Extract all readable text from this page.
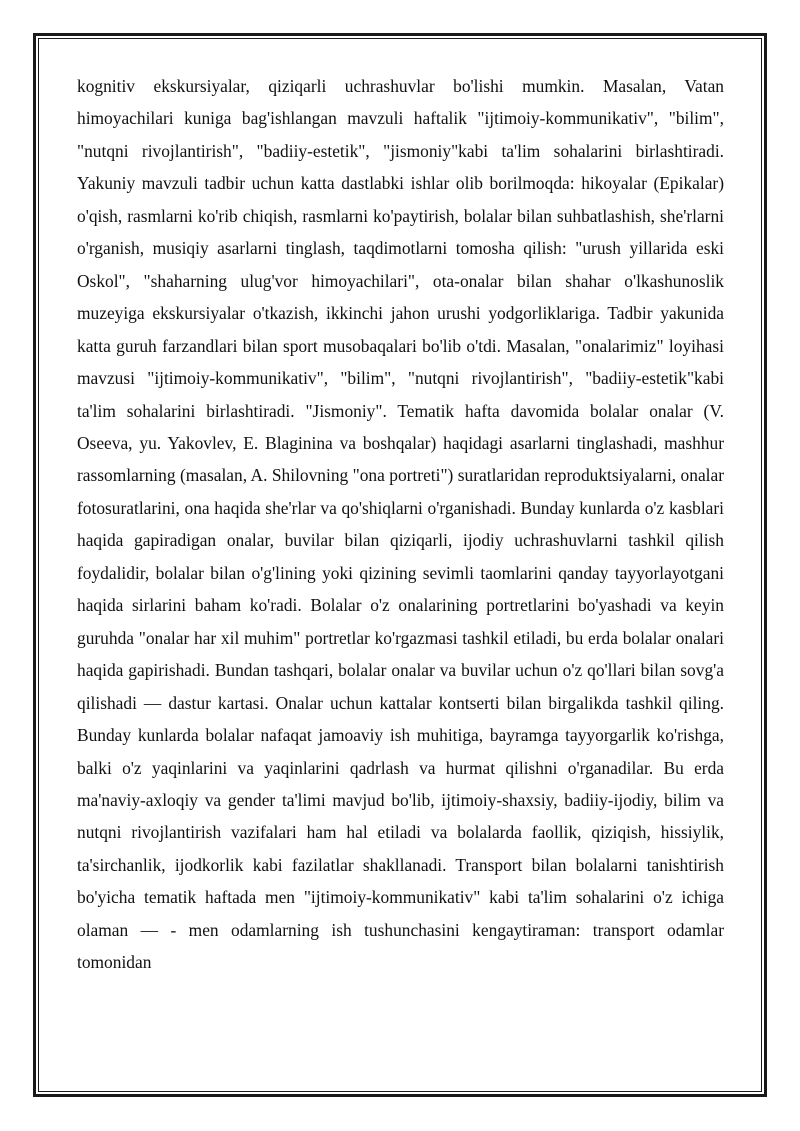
kognitiv ekskursiyalar, qiziqarli uchrashuvlar bo'lishi mumkin. Masalan, Vatan himoyachilari kuniga bag'ishlangan mavzuli haftalik "ijtimoiy-kommunikativ", "bilim", "nutqni rivojlantirish", "badiiy-estetik", "jismoniy"kabi ta'lim sohalarini birlashtiradi. Yakuniy mavzuli tadbir uchun katta dastlabki ishlar olib borilmoqda: hikoyalar (Epikalar) o'qish, rasmlarni ko'rib chiqish, rasmlarni ko'paytirish, bolalar bilan suhbatlashish, she'rlarni o'rganish, musiqiy asarlarni tinglash, taqdimotlarni tomosha qilish: "urush yillarida eski Oskol", "shaharning ulug'vor himoyachilari", ota-onalar bilan shahar o'lkashunoslik muzeyiga ekskursiyalar o'tkazish, ikkinchi jahon urushi yodgorliklariga. Tadbir yakunida katta guruh farzandlari bilan sport musobaqalari bo'lib o'tdi. Masalan, "onalarimiz" loyihasi mavzusi "ijtimoiy-kommunikativ", "bilim", "nutqni rivojlantirish", "badiiy-estetik"kabi ta'lim sohalarini birlashtiradi. "Jismoniy". Tematik hafta davomida bolalar onalar (V. Oseeva, yu. Yakovlev, E. Blaginina va boshqalar) haqidagi asarlarni tinglashadi, mashhur rassomlarning (masalan, A. Shilovning "ona portreti") suratlaridan reproduktsiyalarni, onalar fotosuratlarini, ona haqida she'rlar va qo'shiqlarni o'rganishadi. Bunday kunlarda o'z kasblari haqida gapiradigan onalar, buvilar bilan qiziqarli, ijodiy uchrashuvlarni tashkil qilish foydalidir, bolalar bilan o'g'lining yoki qizining sevimli taomlarini qanday tayyorlayotgani haqida sirlarini baham ko'radi. Bolalar o'z onalarining portretlarini bo'yashadi va keyin guruhda "onalar har xil muhim" portretlar ko'rgazmasi tashkil etiladi, bu erda bolalar onalari haqida gapirishadi. Bundan tashqari, bolalar onalar va buvilar uchun o'z qo'llari bilan sovg'a qilishadi — dastur kartasi. Onalar uchun kattalar kontserti bilan birgalikda tashkil qiling. Bunday kunlarda bolalar nafaqat jamoaviy ish muhitiga, bayramga tayyorgarlik ko'rishga, balki o'z yaqinlarini va yaqinlarini qadrlash va hurmat qilishni o'rganadilar. Bu erda ma'naviy-axloqiy va gender ta'limi mavjud bo'lib, ijtimoiy-shaxsiy, badiiy-ijodiy, bilim va nutqni rivojlantirish vazifalari ham hal etiladi va bolalarda faollik, qiziqish, hissiylik, ta'sirchanlik, ijodkorlik kabi fazilatlar shakllanadi. Transport bilan bolalarni tanishtirish bo'yicha tematik haftada men "ijtimoiy-kommunikativ" kabi ta'lim sohalarini o'z ichiga olaman — - men odamlarning ish tushunchasini kengaytiraman: transport odamlar tomonidan
